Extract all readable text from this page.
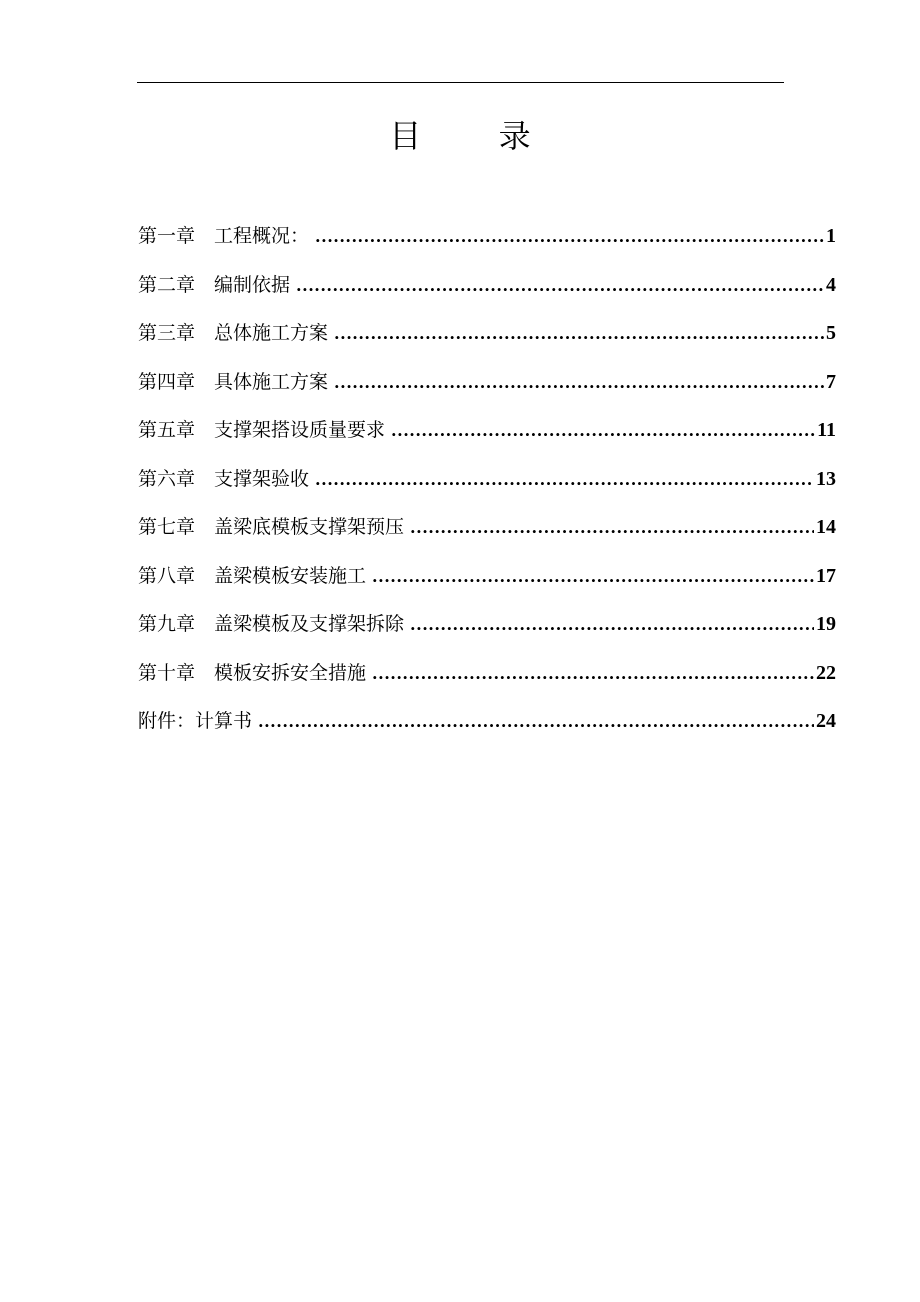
目 录
第一章　 工程概况： .....	1
第二章　 编制依据 .....	4
第三章　 总体施工方案 .....	5
第四章　 具体施工方案 .....	7
第五章　 支撑架搭设质量要求 .....	11
第六章　 支撑架验收 .....	13
第七章　 盖梁底模板支撑架预压 .....	14
第八章　 盖梁模板安装施工 .....	17
第九章　 盖梁模板及支撑架拆除 .....	19
第十章　 模板安拆安全措施 .....	22
附件：计算书 .....	24
